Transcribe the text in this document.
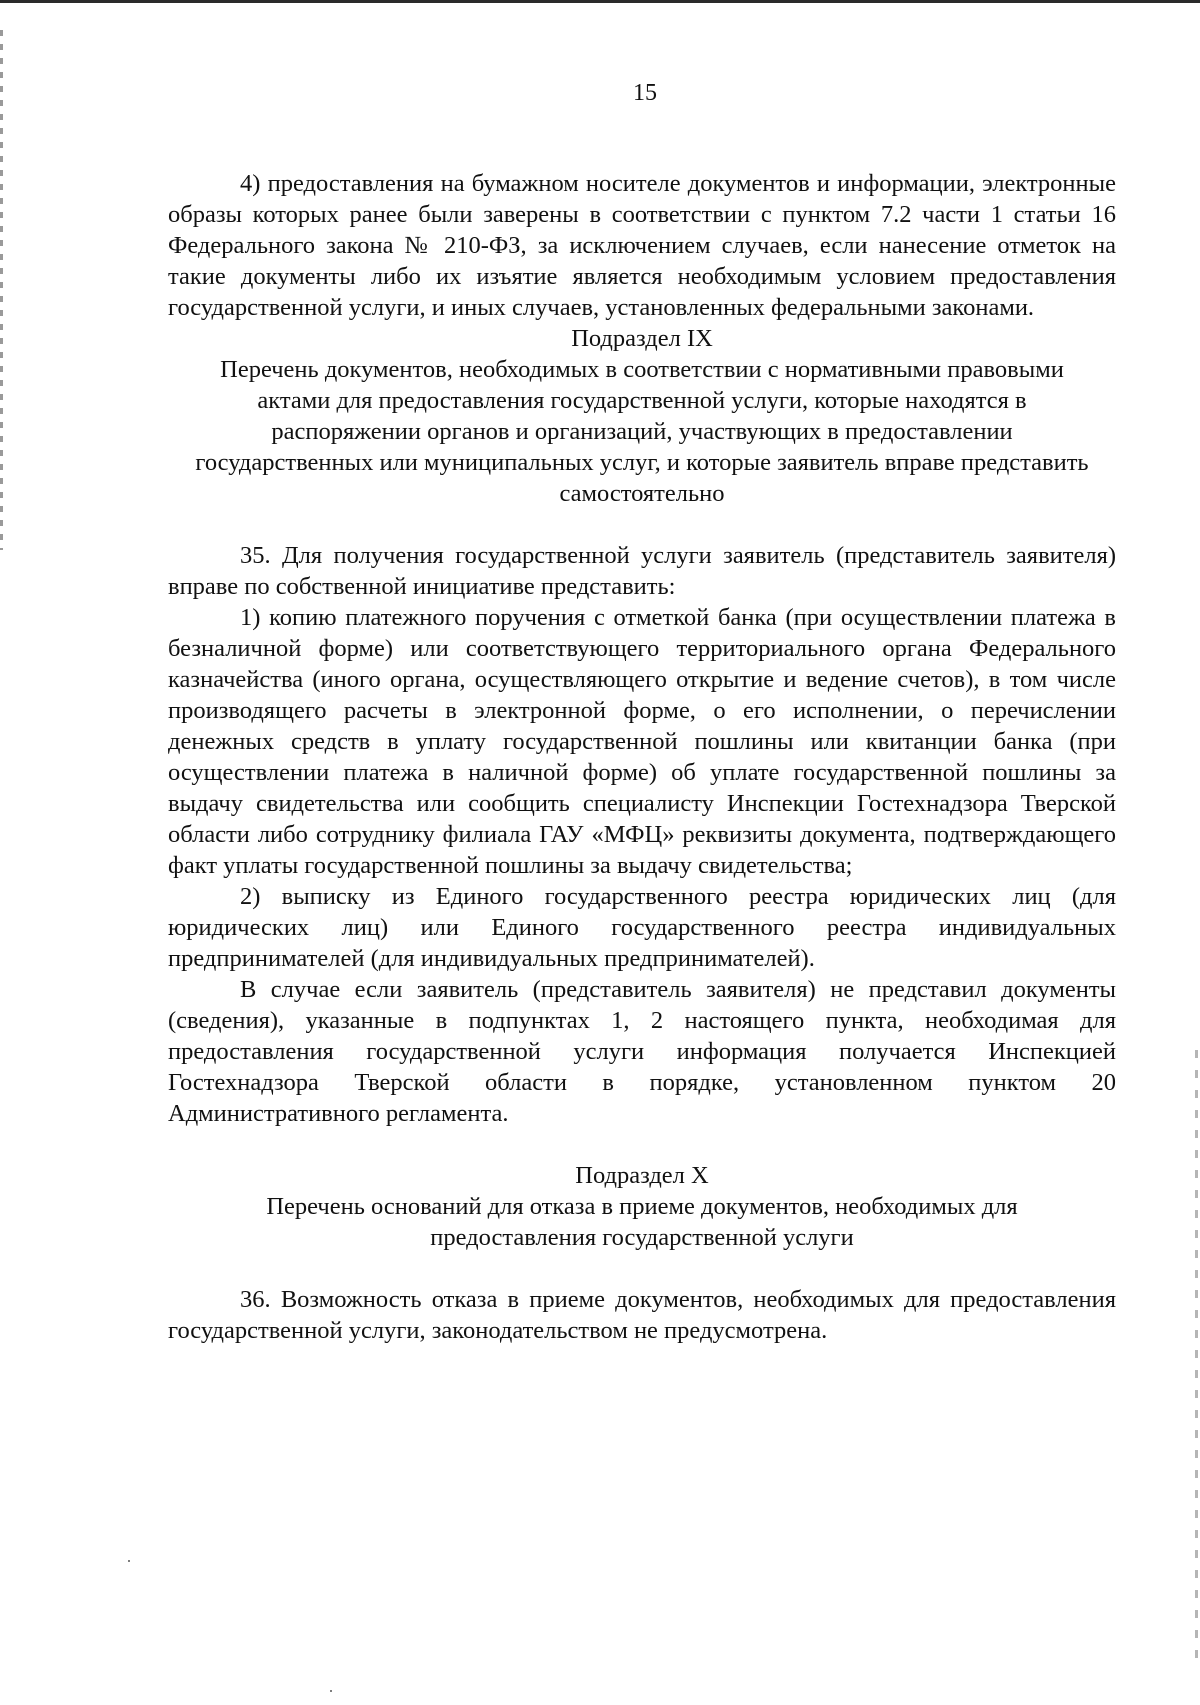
15

4) предоставления на бумажном носителе документов и информации, электронные образы которых ранее были заверены в соответствии с пунктом 7.2 части 1 статьи 16 Федерального закона № 210-ФЗ, за исключением случаев, если нанесение отметок на такие документы либо их изъятие является необходимым условием предоставления государственной услуги, и иных случаев, установленных федеральными законами.

Подраздел IX

Перечень документов, необходимых в соответствии с нормативными правовыми актами для предоставления государственной услуги, которые находятся в распоряжении органов и организаций, участвующих в предоставлении государственных или муниципальных услуг, и которые заявитель вправе представить самостоятельно

35. Для получения государственной услуги заявитель (представитель заявителя) вправе по собственной инициативе представить:

1) копию платежного поручения с отметкой банка (при осуществлении платежа в безналичной форме) или соответствующего территориального органа Федерального казначейства (иного органа, осуществляющего открытие и ведение счетов), в том числе производящего расчеты в электронной форме, о его исполнении, о перечислении денежных средств в уплату государственной пошлины или квитанции банка (при осуществлении платежа в наличной форме) об уплате государственной пошлины за выдачу свидетельства или сообщить специалисту Инспекции Гостехнадзора Тверской области либо сотруднику филиала ГАУ «МФЦ» реквизиты документа, подтверждающего факт уплаты государственной пошлины за выдачу свидетельства;

2) выписку из Единого государственного реестра юридических лиц (для юридических лиц) или Единого государственного реестра индивидуальных предпринимателей (для индивидуальных предпринимателей).

В случае если заявитель (представитель заявителя) не представил документы (сведения), указанные в подпунктах 1, 2 настоящего пункта, необходимая для предоставления государственной услуги информация получается Инспекцией Гостехнадзора Тверской области в порядке, установленном пунктом 20 Административного регламента.

Подраздел X

Перечень оснований для отказа в приеме документов, необходимых для предоставления государственной услуги

36. Возможность отказа в приеме документов, необходимых для предоставления государственной услуги, законодательством не предусмотрена.
